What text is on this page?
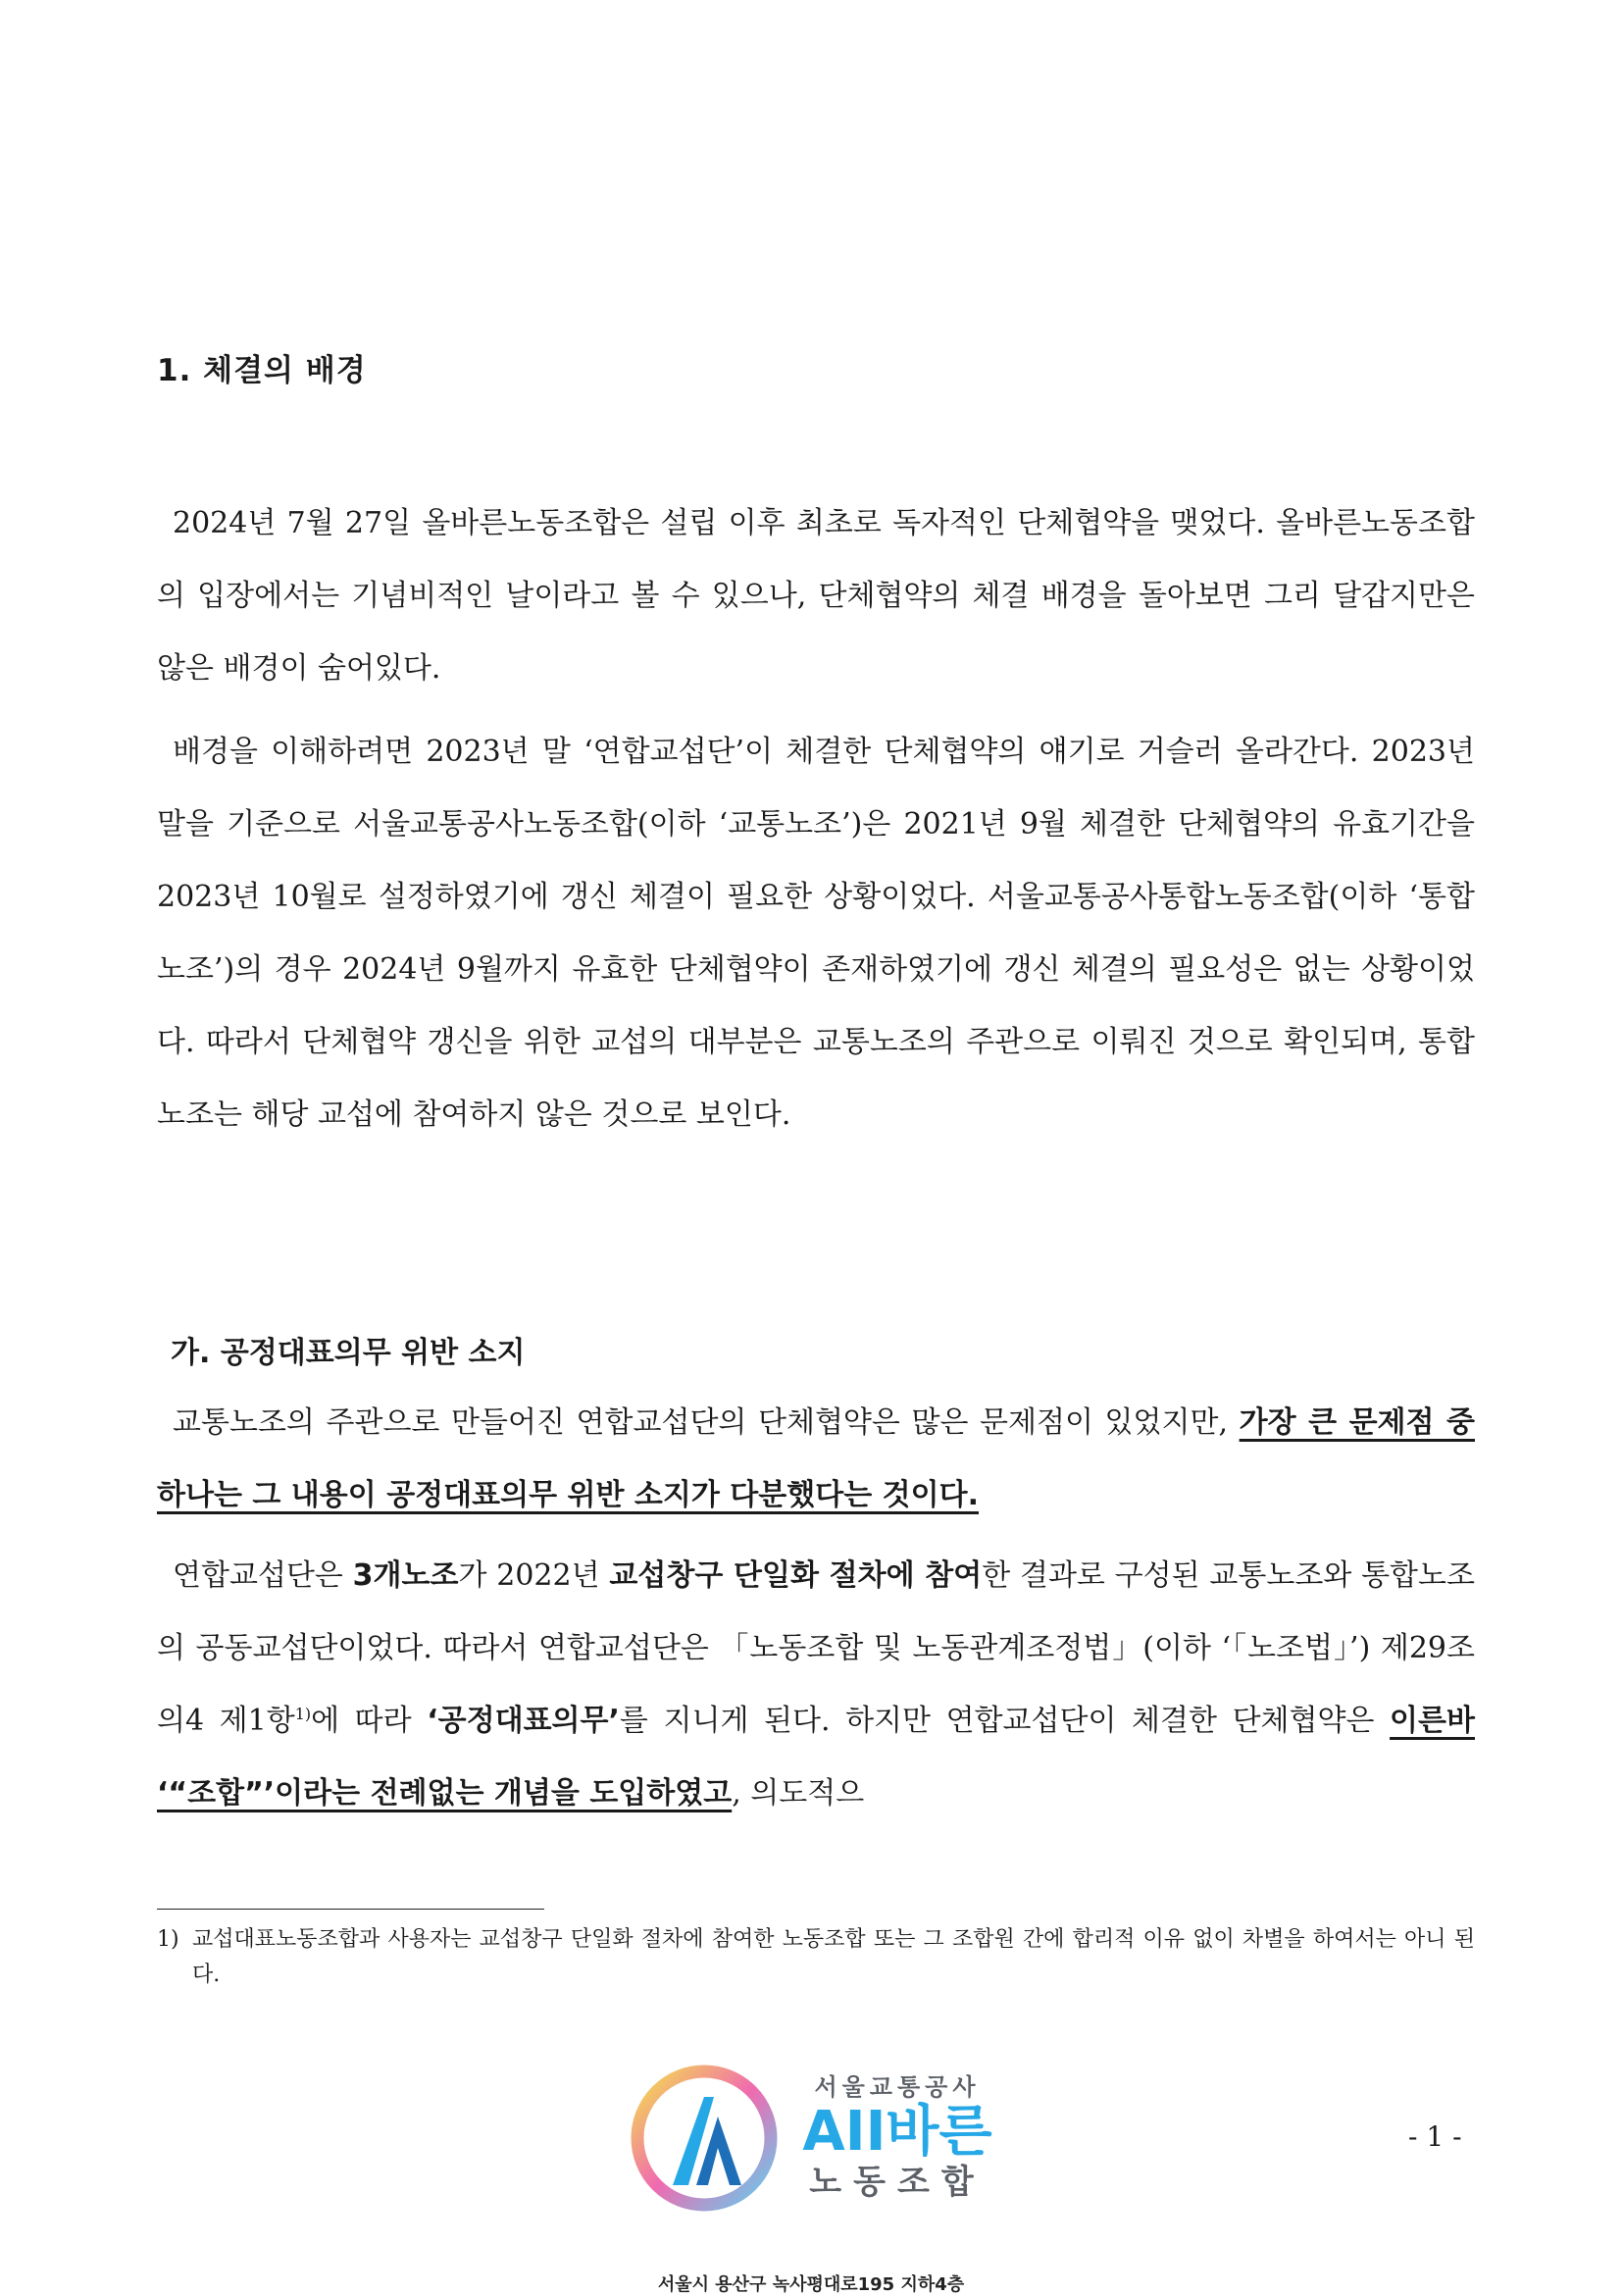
1. 체결의 배경

2024년 7월 27일 올바른노동조합은 설립 이후 최초로 독자적인 단체협약을 맺었다. 올바른노동조합의 입장에서는 기념비적인 날이라고 볼 수 있으나, 단체협약의 체결 배경을 돌아보면 그리 달갑지만은 않은 배경이 숨어있다.

배경을 이해하려면 2023년 말 ‘연합교섭단’이 체결한 단체협약의 얘기로 거슬러 올라간다. 2023년 말을 기준으로 서울교통공사노동조합(이하 ‘교통노조’)은 2021년 9월 체결한 단체협약의 유효기간을 2023년 10월로 설정하였기에 갱신 체결이 필요한 상황이었다. 서울교통공사통합노동조합(이하 ‘통합노조’)의 경우 2024년 9월까지 유효한 단체협약이 존재하였기에 갱신 체결의 필요성은 없는 상황이었다. 따라서 단체협약 갱신을 위한 교섭의 대부분은 교통노조의 주관으로 이뤄진 것으로 확인되며, 통합노조는 해당 교섭에 참여하지 않은 것으로 보인다.

가. 공정대표의무 위반 소지

교통노조의 주관으로 만들어진 연합교섭단의 단체협약은 많은 문제점이 있었지만, 가장 큰 문제점 중 하나는 그 내용이 공정대표의무 위반 소지가 다분했다는 것이다.

연합교섭단은 3개노조가 2022년 교섭창구 단일화 절차에 참여한 결과로 구성된 교통노조와 통합노조의 공동교섭단이었다. 따라서 연합교섭단은 「노동조합 및 노동관계조정법」(이하 ‘「노조법」’) 제29조의4 제1항$^{1)}$에 따라 ‘공정대표의무’를 지니게 된다. 하지만 연합교섭단이 체결한 단체협약은 이른바 ‘“조합”’이라는 전례없는 개념을 도입하였고, 의도적으

1) 교섭대표노동조합과 사용자는 교섭창구 단일화 절차에 참여한 노동조합 또는 그 조합원 간에 합리적 이유 없이 차별을 하여서는 아니 된다.
서울교통공사
AII바른
노동조합

- 1 -

서울시 용산구 녹사평대로195 지하4층
